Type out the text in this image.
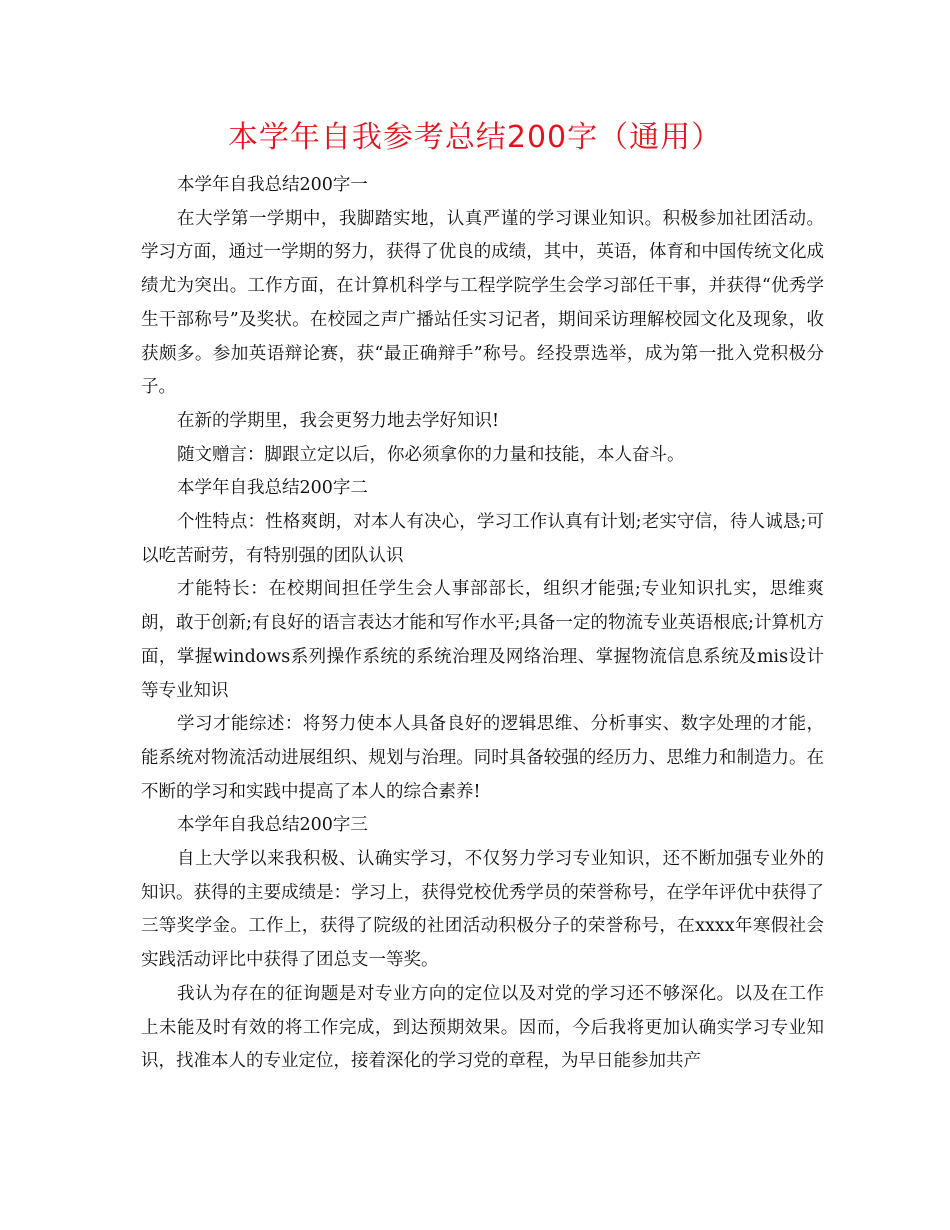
本学年自我参考总结200字（通用）

本学年自我总结200字一

在大学第一学期中，我脚踏实地，认真严谨的学习课业知识。积极参加社团活动。学习方面，通过一学期的努力，获得了优良的成绩，其中，英语，体育和中国传统文化成绩尤为突出。工作方面，在计算机科学与工程学院学生会学习部任干事，并获得“优秀学生干部称号”及奖状。在校园之声广播站任实习记者，期间采访理解校园文化及现象，收获颇多。参加英语辩论赛，获“最正确辩手”称号。经投票选举，成为第一批入党积极分子。

在新的学期里，我会更努力地去学好知识!

随文赠言：脚跟立定以后，你必须拿你的力量和技能，本人奋斗。

本学年自我总结200字二

个性特点：性格爽朗，对本人有决心，学习工作认真有计划;老实守信，待人诚恳;可以吃苦耐劳，有特别强的团队认识

才能特长：在校期间担任学生会人事部部长，组织才能强;专业知识扎实，思维爽朗，敢于创新;有良好的语言表达才能和写作水平;具备一定的物流专业英语根底;计算机方面，掌握windows系列操作系统的系统治理及网络治理、掌握物流信息系统及mis设计等专业知识

学习才能综述：将努力使本人具备良好的逻辑思维、分析事实、数字处理的才能，能系统对物流活动进展组织、规划与治理。同时具备较强的经历力、思维力和制造力。在不断的学习和实践中提高了本人的综合素养!

本学年自我总结200字三

自上大学以来我积极、认确实学习，不仅努力学习专业知识，还不断加强专业外的知识。获得的主要成绩是：学习上，获得党校优秀学员的荣誉称号，在学年评优中获得了三等奖学金。工作上，获得了院级的社团活动积极分子的荣誉称号，在xxxx年寒假社会实践活动评比中获得了团总支一等奖。

我认为存在的征询题是对专业方向的定位以及对党的学习还不够深化。以及在工作上未能及时有效的将工作完成，到达预期效果。因而，今后我将更加认确实学习专业知识，找准本人的专业定位，接着深化的学习党的章程，为早日能参加共产
